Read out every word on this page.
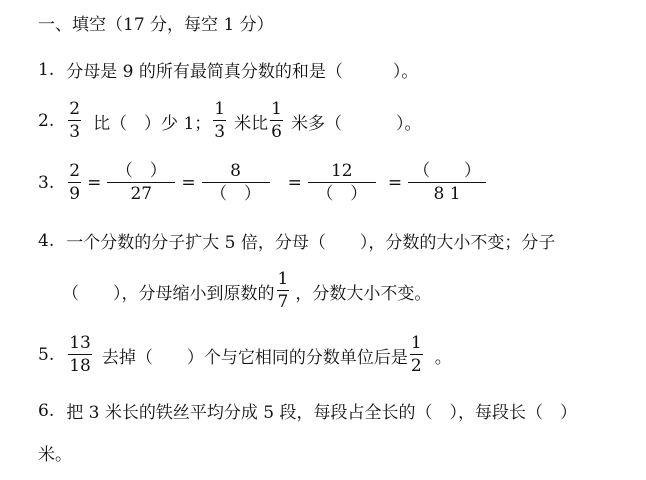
一、填空（17 分，每空 1 分）
1. 分母是 9 的所有最简真分数的和是（	）。
2. $\frac{2}{3}$ 比（　）少 1； $\frac{1}{3}$ 米比 $\frac{1}{6}$ 米多（	）。
3. $\frac{2}{9} = \frac{( )}{27} = \frac{8}{( )} = \frac{12}{( )} = \frac{( )}{8 1}$
4. 一个分数的分子扩大 5 倍，分母（　　），分数的大小不变；分子
（　　），分母缩小到原数的 $\frac{1}{7}$ ，分数大小不变。
5. $\frac{13}{18}$ 去掉（　　）个与它相同的分数单位后是 $\frac{1}{2}$ 。
6. 把 3 米长的铁丝平均分成 5 段，每段占全长的（　），每段长（　）
米。
